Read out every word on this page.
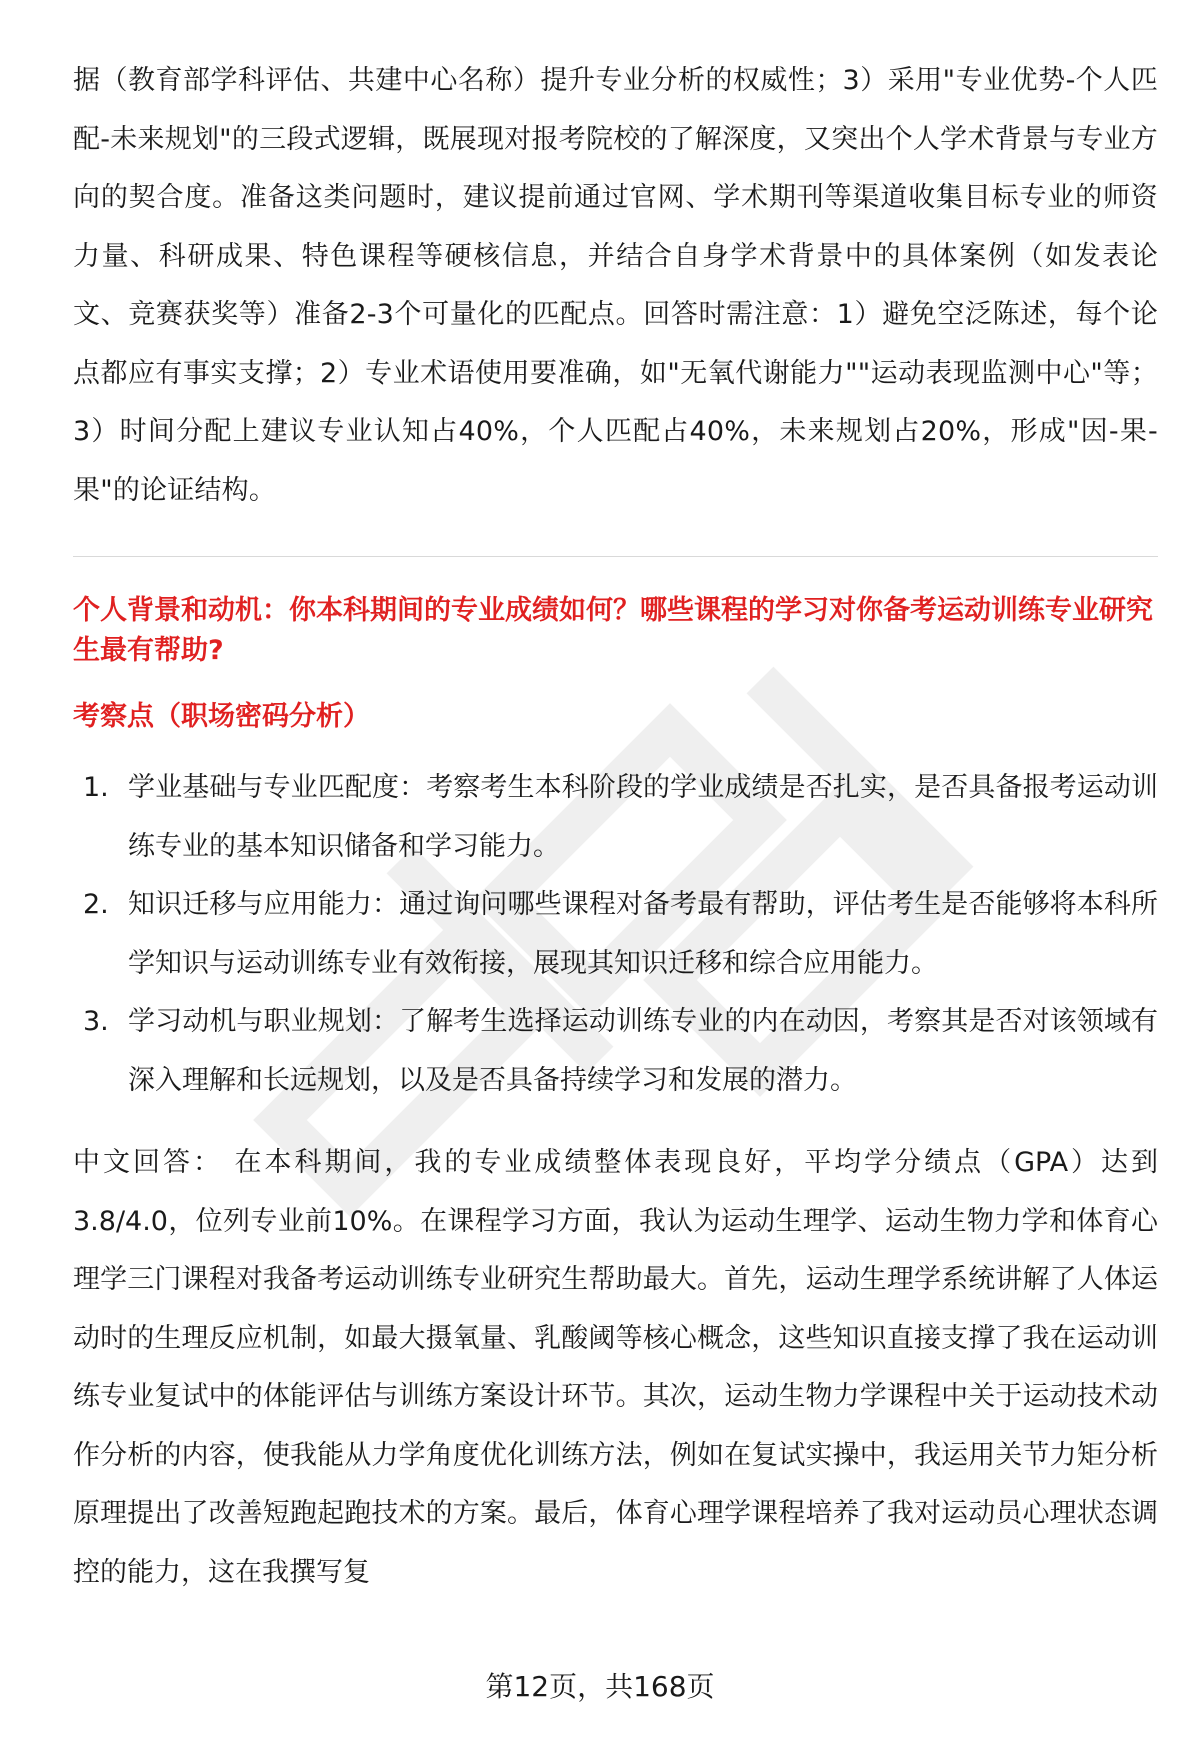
据（教育部学科评估、共建中心名称）提升专业分析的权威性；3）采用"专业优势-个人匹配-未来规划"的三段式逻辑，既展现对报考院校的了解深度，又突出个人学术背景与专业方向的契合度。准备这类问题时，建议提前通过官网、学术期刊等渠道收集目标专业的师资力量、科研成果、特色课程等硬核信息，并结合自身学术背景中的具体案例（如发表论文、竞赛获奖等）准备2-3个可量化的匹配点。回答时需注意：1）避免空泛陈述，每个论点都应有事实支撑；2）专业术语使用要准确，如"无氧代谢能力""运动表现监测中心"等；3）时间分配上建议专业认知占40%，个人匹配占40%，未来规划占20%，形成"因-果-果"的论证结构。

个人背景和动机：你本科期间的专业成绩如何？哪些课程的学习对你备考运动训练专业研究生最有帮助?
考察点（职场密码分析）
1. 学业基础与专业匹配度：考察考生本科阶段的学业成绩是否扎实，是否具备报考运动训练专业的基本知识储备和学习能力。
2. 知识迁移与应用能力：通过询问哪些课程对备考最有帮助，评估考生是否能够将本科所学知识与运动训练专业有效衔接，展现其知识迁移和综合应用能力。
3. 学习动机与职业规划：了解考生选择运动训练专业的内在动因，考察其是否对该领域有深入理解和长远规划，以及是否具备持续学习和发展的潜力。

中文回答： 在本科期间，我的专业成绩整体表现良好，平均学分绩点（GPA）达到3.8/4.0，位列专业前10%。在课程学习方面，我认为运动生理学、运动生物力学和体育心理学三门课程对我备考运动训练专业研究生帮助最大。首先，运动生理学系统讲解了人体运动时的生理反应机制，如最大摄氧量、乳酸阈等核心概念，这些知识直接支撑了我在运动训练专业复试中的体能评估与训练方案设计环节。其次，运动生物力学课程中关于运动技术动作分析的内容，使我能从力学角度优化训练方法，例如在复试实操中，我运用关节力矩分析原理提出了改善短跑起跑技术的方案。最后，体育心理学课程培养了我对运动员心理状态调控的能力，这在我撰写复

第12页，共168页
